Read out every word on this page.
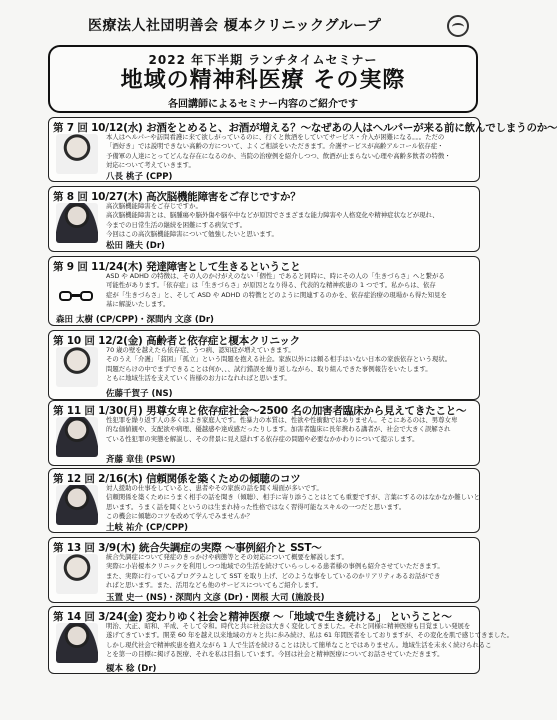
医療法人社団明善会 榎本クリニックグループ
2022 年下半期 ランチタイムセミナー
地域の精神科医療 その実際
各回講師によるセミナー内容のご紹介です
第 7 回 10/12(水) お酒をとめると、お酒が増える？～なぜあの人はヘルパーが来る前に飲んでしまうのか～
本人はヘルパーや訪問看護に来て欲しがっているのに、行くと飲酒をしていてサービス・介入が困難になる。。。ただの
「酒好き」では説明できない高齢の方について、よくご相談をいただきます。介護サービスが高齢アルコール依存症・
予備軍の人達にとってどんな存在になるのか、当院の治療例を紹介しつつ、飲酒が止まらない心理や高齢多飲者の特徴・
対応について考えていきます。
八長 桃子 (CPP)
第 8 回 10/27(木) 高次脳機能障害をご存じですか？
高次脳機能障害をご存じですか。
高次脳機能障害とは、脳腫瘍や脳外傷や脳卒中などが原因でさまざまな能力障害や人格変化や精神症状などが現れ、
今までの日常生活の継続を困難にする病気です。
今回はこの高次脳機能障害について勉強したいと思います。
松田 隆夫 (Dr)
第 9 回 11/24(木) 発達障害として生きるということ
ASD や ADHD の特徴は、その人のかけがえのない「個性」であると同時に、時にその人の「生きづらさ」へと繋がる
可能性があります。「依存症」は「生きづらさ」が原因となり得る、代表的な精神疾患の 1 つです。私からは、依存
症が「生きづらさ」と、そして ASD や ADHD の特徴とどのように関連するのかを、依存症治療の現場から得た知見を
基に解説いたします。
森田 太樹 (CP/CPP)・深間内 文彦 (Dr)
第 10 回 12/2(金) 高齢者と依存症と榎本クリニック
70 歳の壁を越えたら依存症、うつ病、認知症が増えていきます。
そのうえ「介護」「貧困」「孤立」という問題を抱える社会。家族以外には頼る相手はいない日本の家族依存という現状。
問題だらけの中でまずできることは何か、、、試行錯誤を繰り返しながら、取り組んできた事例報告をいたします。
ともに地域生活を支えていく皆様のお力になれればと思います。
佐藤千賀子 (NS)
第 11 回 1/30(月) 男尊女卑と依存症社会～2500 名の加害者臨床から見えてきたこと～
性犯罪を繰り返す人の多くはよき家庭人です。性暴力の本質は、性欲や性衝動ではありません。そこにあるのは、男尊女卑
的な価値観や、支配欲や病理、優越感や達成感だったりします。加害者臨床に長年携わる講者が、社会で大きく誤解され
ている性犯罪の実態を解説し、その背景に見え隠れする依存症の問題や必要なかかわりについて提示します。
斉藤 章佳 (PSW)
第 12 回 2/16(木) 信頼関係を築くための傾聴のコツ
対人援助の仕事をしていると、患者やその家族の話を聞く場面が多いです。
信頼関係を築くためにうまく相手の話を聞き（傾聴）、相手に寄り添うことはとても重要ですが、言葉にするのはなかなか難しいと
思います。うまく話を聞くというのは生まれ持った性格ではなく習得可能なスキルの一つだと思います。
この機会に傾聴のコツを改めて学んでみませんか？
土岐 祐介 (CP/CPP)
第 13 回 3/9(木) 統合失調症の実際 ～事例紹介と SST～
統合失調症について発症のきっかけや病態等とその対応について概要を解説します。
実際に小岩榎本クリニックを利用しつつ地域での生活を続けていらっしゃる患者様の事例も紹介させていただきます。
また、実際に行っているプログラムとして SST を取り上げ、どのような事をしているのかリアリティあるお話ができ
ればと思います。また、活用なども他のサービスについてもご紹介します。
玉置 史一 (NS)・深間内 文彦 (Dr)・関根 大司 (施設長)
第 14 回 3/24(金) 変わりゆく社会と精神医療 ～「地域で生き続ける」 ということ～
明治、大正、昭和、平成、そして令和。時代と共に社会は大きく変化してきました。それと同様に精神医療も目覚ましい発展を
遂げてきています。開業 60 年を越え以来地域の方々と共に歩み続け、私は 61 年間医者をしておりますが、その変化を肌で感じてきました。
しかし現代社会で精神疾患を抱えながら 1 人で生活を続けることは決して簡単なことではありません。地域生活を末永く続けられるこ
とを第一の目標に掲げる医療、それを私は目指しています。今回は社会と精神医療についてお話させていただきます。
榎本 稔 (Dr)
